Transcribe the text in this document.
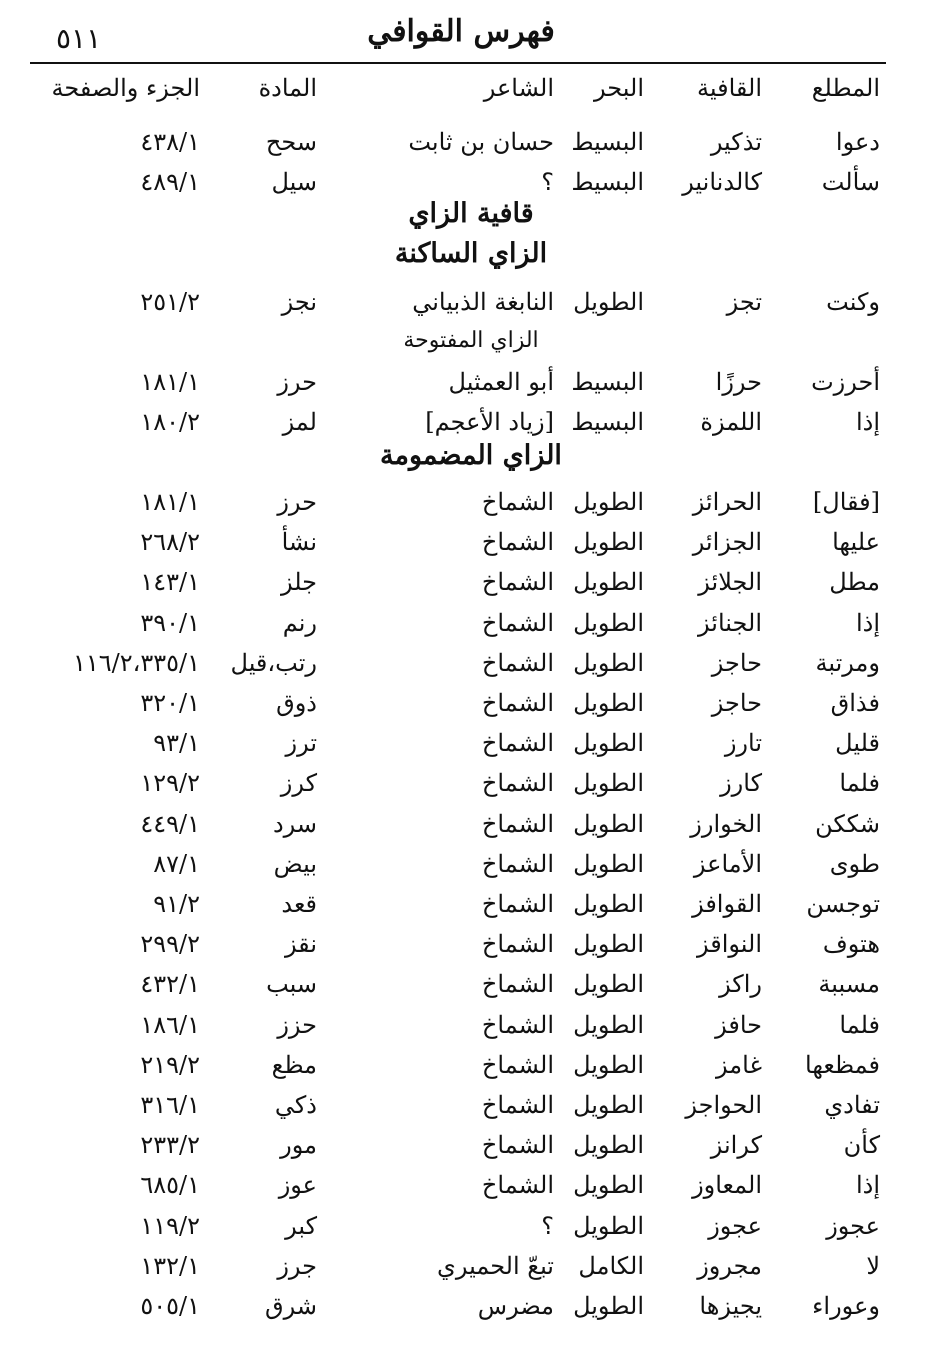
٥١١	فهرس القوافي
المطلع
القافية
البحر
الشاعر
المادة
الجزء والصفحة
دعوا
تذكير
البسيط
حسان بن ثابت
سحح
٤٣٨/١
سألت
كالدنانير
البسيط
؟
سيل
٤٨٩/١
وكنت
تجز
الطويل
النابغة الذبياني
نجز
٢٥١/٢
أحرزت
حرزًا
البسيط
أبو العمثيل
حرز
١٨١/١
إذا
اللمزة
البسيط
[زياد الأعجم]
لمز
١٨٠/٢
[فقال]
الحرائز
الطويل
الشماخ
حرز
١٨١/١
عليها
الجزائر
الطويل
الشماخ
نشأ
٢٦٨/٢
مطل
الجلائز
الطويل
الشماخ
جلز
١٤٣/١
إذا
الجنائز
الطويل
الشماخ
رنم
٣٩٠/١
ومرتبة
حاجز
الطويل
الشماخ
رتب،قيل
١١٦/٢،٣٣٥/١
فذاق
حاجز
الطويل
الشماخ
ذوق
٣٢٠/١
قليل
تارز
الطويل
الشماخ
ترز
٩٣/١
فلما
كارز
الطويل
الشماخ
كرز
١٢٩/٢
شككن
الخوارز
الطويل
الشماخ
سرد
٤٤٩/١
طوى
الأماعز
الطويل
الشماخ
بيض
٨٧/١
توجسن
القوافز
الطويل
الشماخ
قعد
٩١/٢
هتوف
النواقز
الطويل
الشماخ
نقز
٢٩٩/٢
مسببة
راكز
الطويل
الشماخ
سبب
٤٣٢/١
فلما
حافز
الطويل
الشماخ
حزز
١٨٦/١
فمظعها
غامز
الطويل
الشماخ
مظع
٢١٩/٢
تفادي
الحواجز
الطويل
الشماخ
ذكي
٣١٦/١
كأن
كرانز
الطويل
الشماخ
مور
٢٣٣/٢
إذا
المعاوز
الطويل
الشماخ
عوز
٦٨٥/١
عجوز
عجوز
الطويل
؟
كبر
١١٩/٢
لا
مجروز
الكامل
تبعّ الحميري
جرز
١٣٢/١
وعوراء
يجيزها
الطويل
مضرس
شرق
٥٠٥/١
قافية الزاي
الزاي الساكنة
الزاي المفتوحة
الزاي المضمومة
